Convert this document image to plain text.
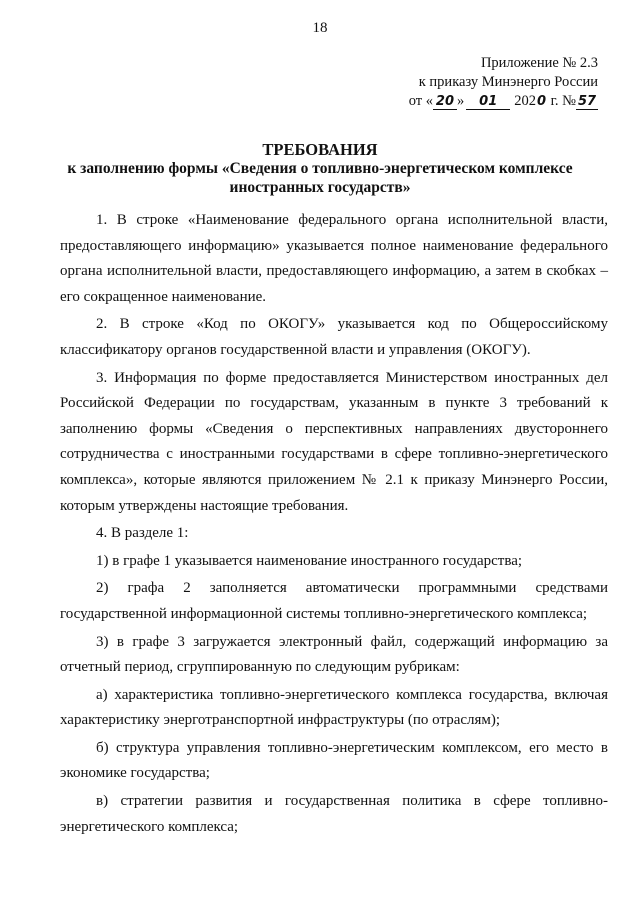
18
Приложение № 2.3
к приказу Минэнерго России
от « 20 » 01 2020 г. № 57
ТРЕБОВАНИЯ
к заполнению формы «Сведения о топливно-энергетическом комплексе
иностранных государств»

1. В строке «Наименование федерального органа исполнительной власти, предоставляющего информацию» указывается полное наименование федерального органа исполнительной власти, предоставляющего информацию, а затем в скобках – его сокращенное наименование.

2. В строке «Код по ОКОГУ» указывается код по Общероссийскому классификатору органов государственной власти и управления (ОКОГУ).

3. Информация по форме предоставляется Министерством иностранных дел Российской Федерации по государствам, указанным в пункте 3 требований к заполнению формы «Сведения о перспективных направлениях двустороннего сотрудничества с иностранными государствами в сфере топливно-энергетического комплекса», которые являются приложением № 2.1 к приказу Минэнерго России, которым утверждены настоящие требования.

4. В разделе 1:

1) в графе 1 указывается наименование иностранного государства;

2) графа 2 заполняется автоматически программными средствами государственной информационной системы топливно-энергетического комплекса;

3) в графе 3 загружается электронный файл, содержащий информацию за отчетный период, сгруппированную по следующим рубрикам:

а) характеристика топливно-энергетического комплекса государства, включая характеристику энерготранспортной инфраструктуры (по отраслям);

б) структура управления топливно-энергетическим комплексом, его место в экономике государства;

в) стратегии развития и государственная политика в сфере топливно-энергетического комплекса;
